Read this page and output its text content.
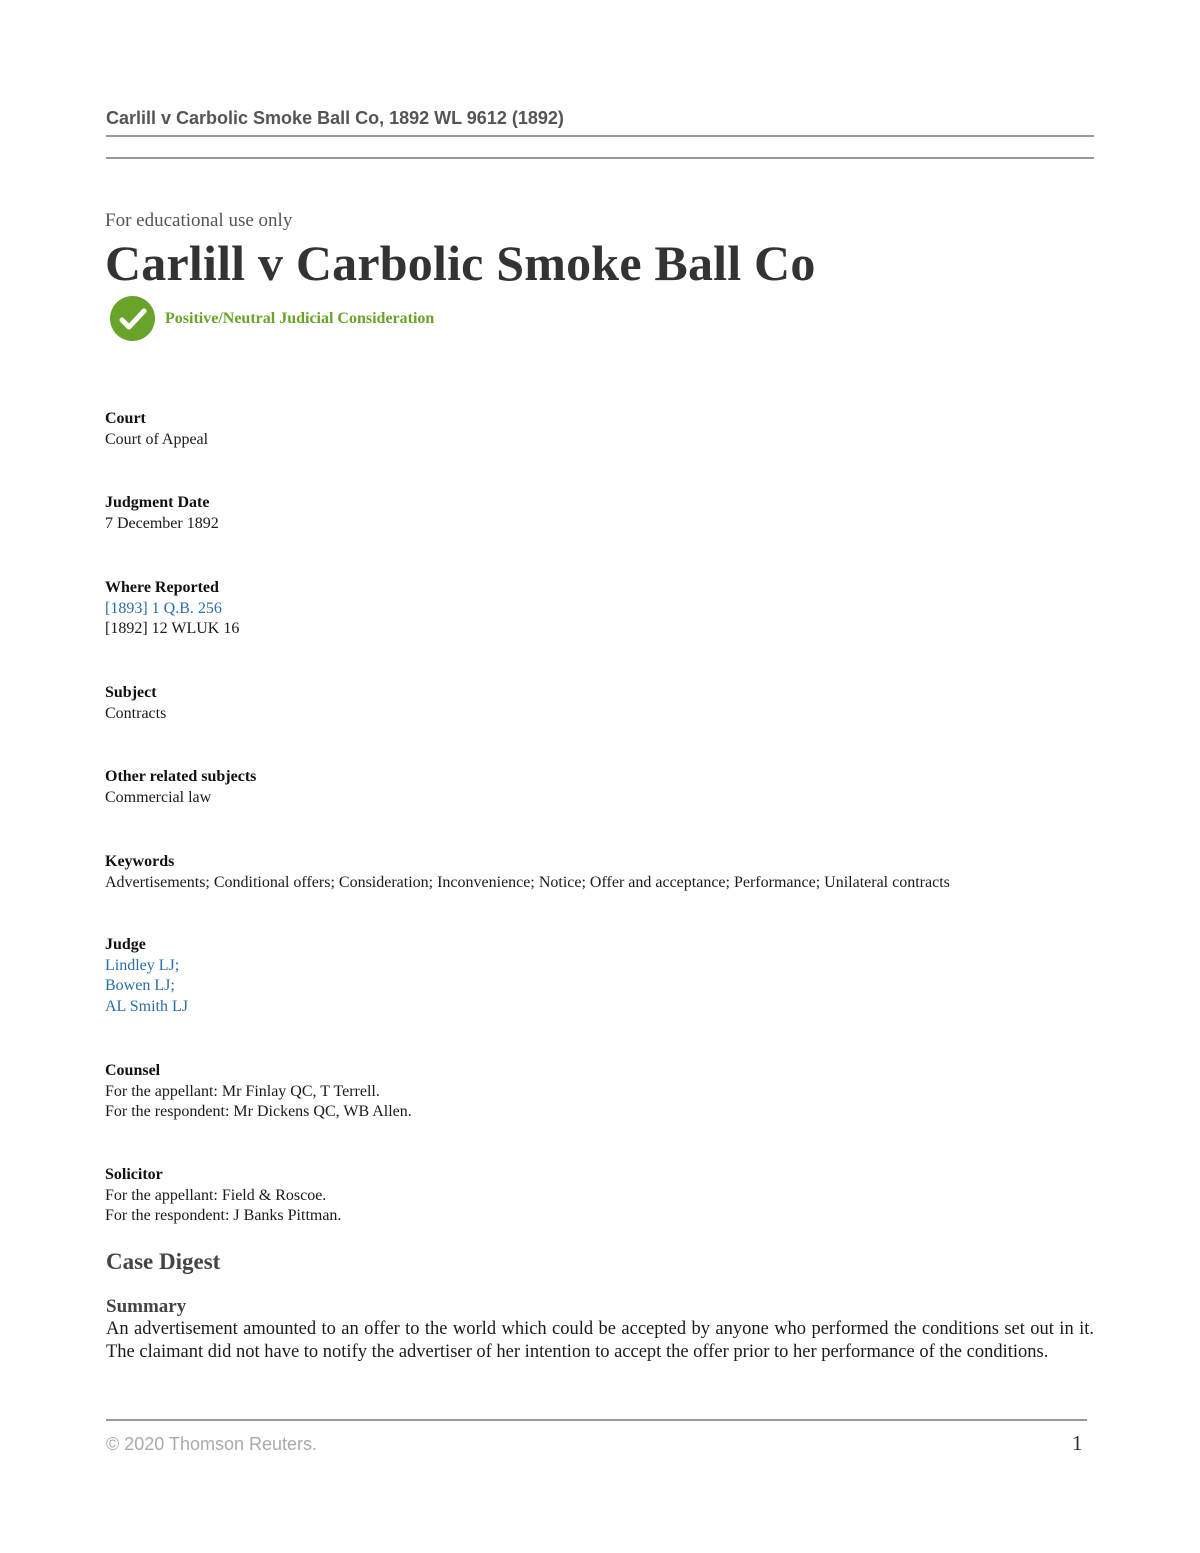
Carlill v Carbolic Smoke Ball Co, 1892 WL 9612 (1892)
For educational use only
Carlill v Carbolic Smoke Ball Co
Positive/Neutral Judicial Consideration
Court
Court of Appeal
Judgment Date
7 December 1892
Where Reported
[1893] 1 Q.B. 256
[1892] 12 WLUK 16
Subject
Contracts
Other related subjects
Commercial law
Keywords
Advertisements; Conditional offers; Consideration; Inconvenience; Notice; Offer and acceptance; Performance; Unilateral contracts
Judge
Lindley LJ;
Bowen LJ;
AL Smith LJ
Counsel
For the appellant: Mr Finlay QC, T Terrell.
For the respondent: Mr Dickens QC, WB Allen.
Solicitor
For the appellant: Field & Roscoe.
For the respondent: J Banks Pittman.
Case Digest
Summary
An advertisement amounted to an offer to the world which could be accepted by anyone who performed the conditions set out in it. The claimant did not have to notify the advertiser of her intention to accept the offer prior to her performance of the conditions.
© 2020 Thomson Reuters.	1
